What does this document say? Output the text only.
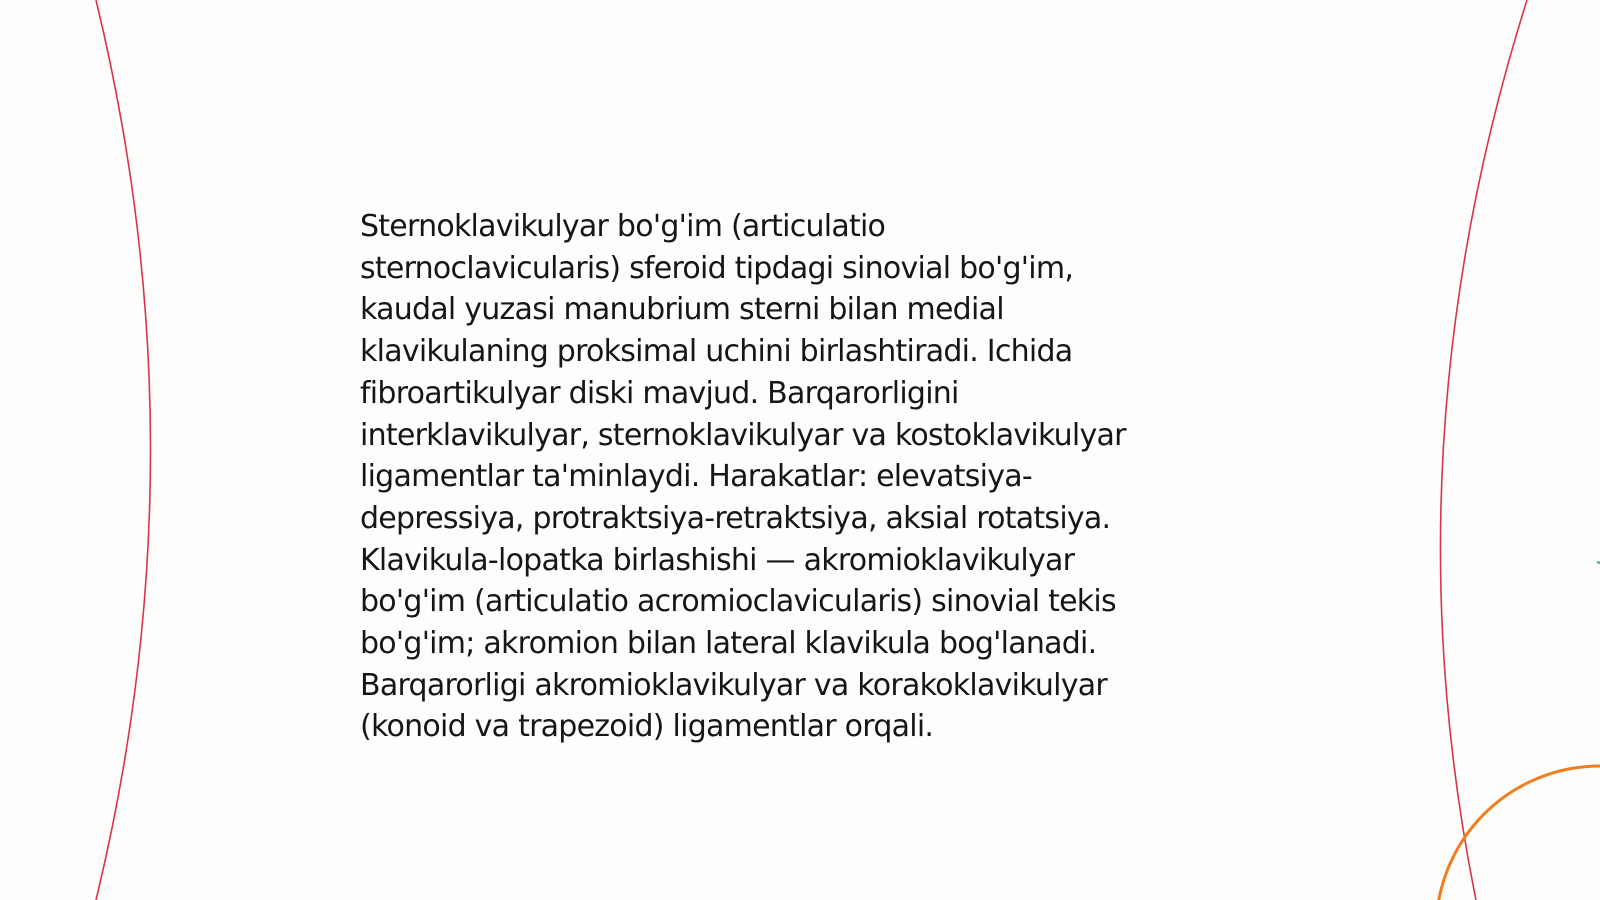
Sternoklavikulyar bo'g'im (articulatio
sternoclavicularis) sferoid tipdagi sinovial bo'g'im,
kaudal yuzasi manubrium sterni bilan medial
klavikulaning proksimal uchini birlashtiradi. Ichida
fibroartikulyar diski mavjud. Barqarorligini
interklavikulyar, sternoklavikulyar va kostoklavikulyar
ligamentlar ta'minlaydi. Harakatlar: elevatsiya-
depressiya, protraktsiya-retraktsiya, aksial rotatsiya.
Klavikula-lopatka birlashishi — akromioklavikulyar
bo'g'im (articulatio acromioclavicularis) sinovial tekis
bo'g'im; akromion bilan lateral klavikula bog'lanadi.
Barqarorligi akromioklavikulyar va korakoklavikulyar
(konoid va trapezoid) ligamentlar orqali.
